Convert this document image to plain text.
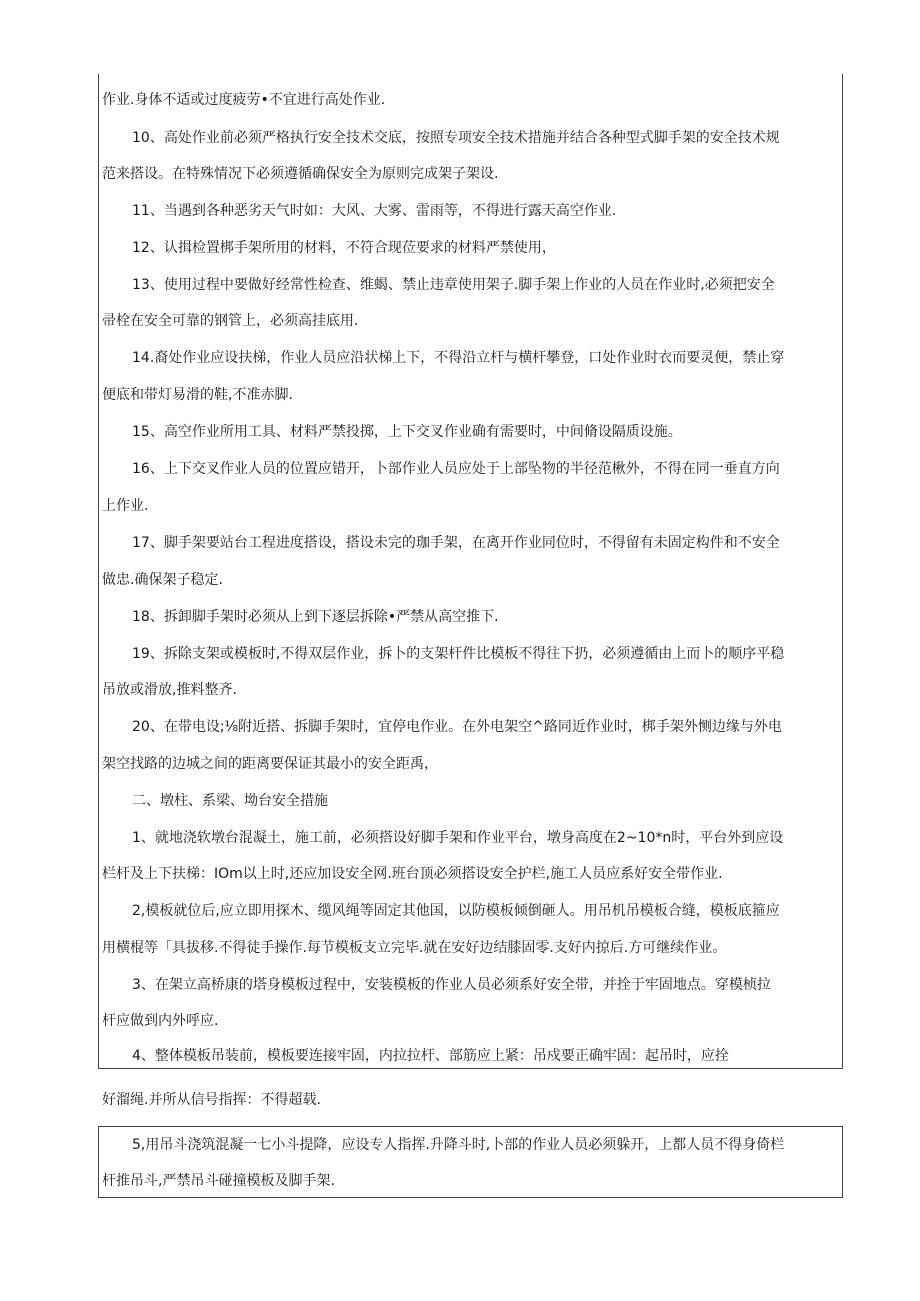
作业.身体不适或过度疲劳•不宜进行高处作业.
10、高处作业前必须严格执行安全技术交底，按照专项安全技术措施并结合各种型式脚手架的安全技术规
范来搭设。在特殊情况下必须遵循确保安全为原则完成架子架设.
11、当遇到各种恶劣天气时如：大风、大雾、雷雨等，不得进行露天高空作业.
12、认揖检置梆手架所用的材料，不符合现莅要求的材料严禁使用，
13、使用过程中要做好经常性检查、维蝎、禁止违章使用架子.脚手架上作业的人员在作业时,必须把安全
帚栓在安全可靠的钢管上，必须高挂底用.
14.裔处作业应设扶梯，作业人员应沿状梯上下，不得沿立杆与横杆攀登，口处作业时衣而要灵便，禁止穿
便底和带灯易滑的鞋,不准赤脚.
15、高空作业所用工具、材料严禁投掷，上下交叉作业确有需要时，中间脩设隔质设施。
16、上下交叉作业人员的位置应错开，卜部作业人员应处于上部坠物的半径范楸外，不得在同一垂直方向
上作业.
17、脚手架要站台工程进度搭设，搭设未完的珈手架，在离开作业同位时，不得留有未固定构件和不安全
做忠.确保架子稳定.
18、拆卸脚手架时必须从上到下逐层拆除•严禁从高空推下.
19、拆除支架或模板时,不得双层作业，拆卜的支架杆件比模板不得往下扔，必须遵循由上而卜的顺序平稳
吊放或滑放,推料整齐.
20、在带电设;⅛附近搭、拆脚手架时，宜停电作业。在外电架空^路同近作业时，梆手架外恻边缘与外电
架空找路的边城之间的距离要保证其最小的安全距禹，
二、墩柱、系梁、坳台安全措施
1、就地浇软墩台混凝土，施工前，必须搭设好脚手架和作业平台，墩身高度在2~10*n时，平台外到应设
栏杆及上下扶梯：IOm以上时,还应加设安全网.班台顶必须搭设安全护栏,施工人员应系好安全带作业.
2,模板就位后,应立即用探木、缆风绳等固定其他国，以防模板倾倒砸人。用吊机吊模板合缝，模板底箍应
用横棍等「具拔移.不得徒手操作.每节模板支立完毕.就在安好边结膝固零.支好内掠后.方可继续作业。
3、在架立高桥康的塔身模板过程中，安装模板的作业人员必须系好安全带，并拴于牢固地点。穿模桢拉
杆应做到内外呼应.
4、整体模板吊装前，模板要连接牢固，内拉拉杆、部筋应上紧：吊戍要正确牢固：起吊时，应拴
好溜绳.并所从信号指挥：不得超载.
5,用吊斗浇筑混凝一七小斗提降，应设专人指挥.升降斗时,卜部的作业人员必须躲开，上都人员不得身倚栏
杆推吊斗,严禁吊斗碰撞模板及脚手架.
